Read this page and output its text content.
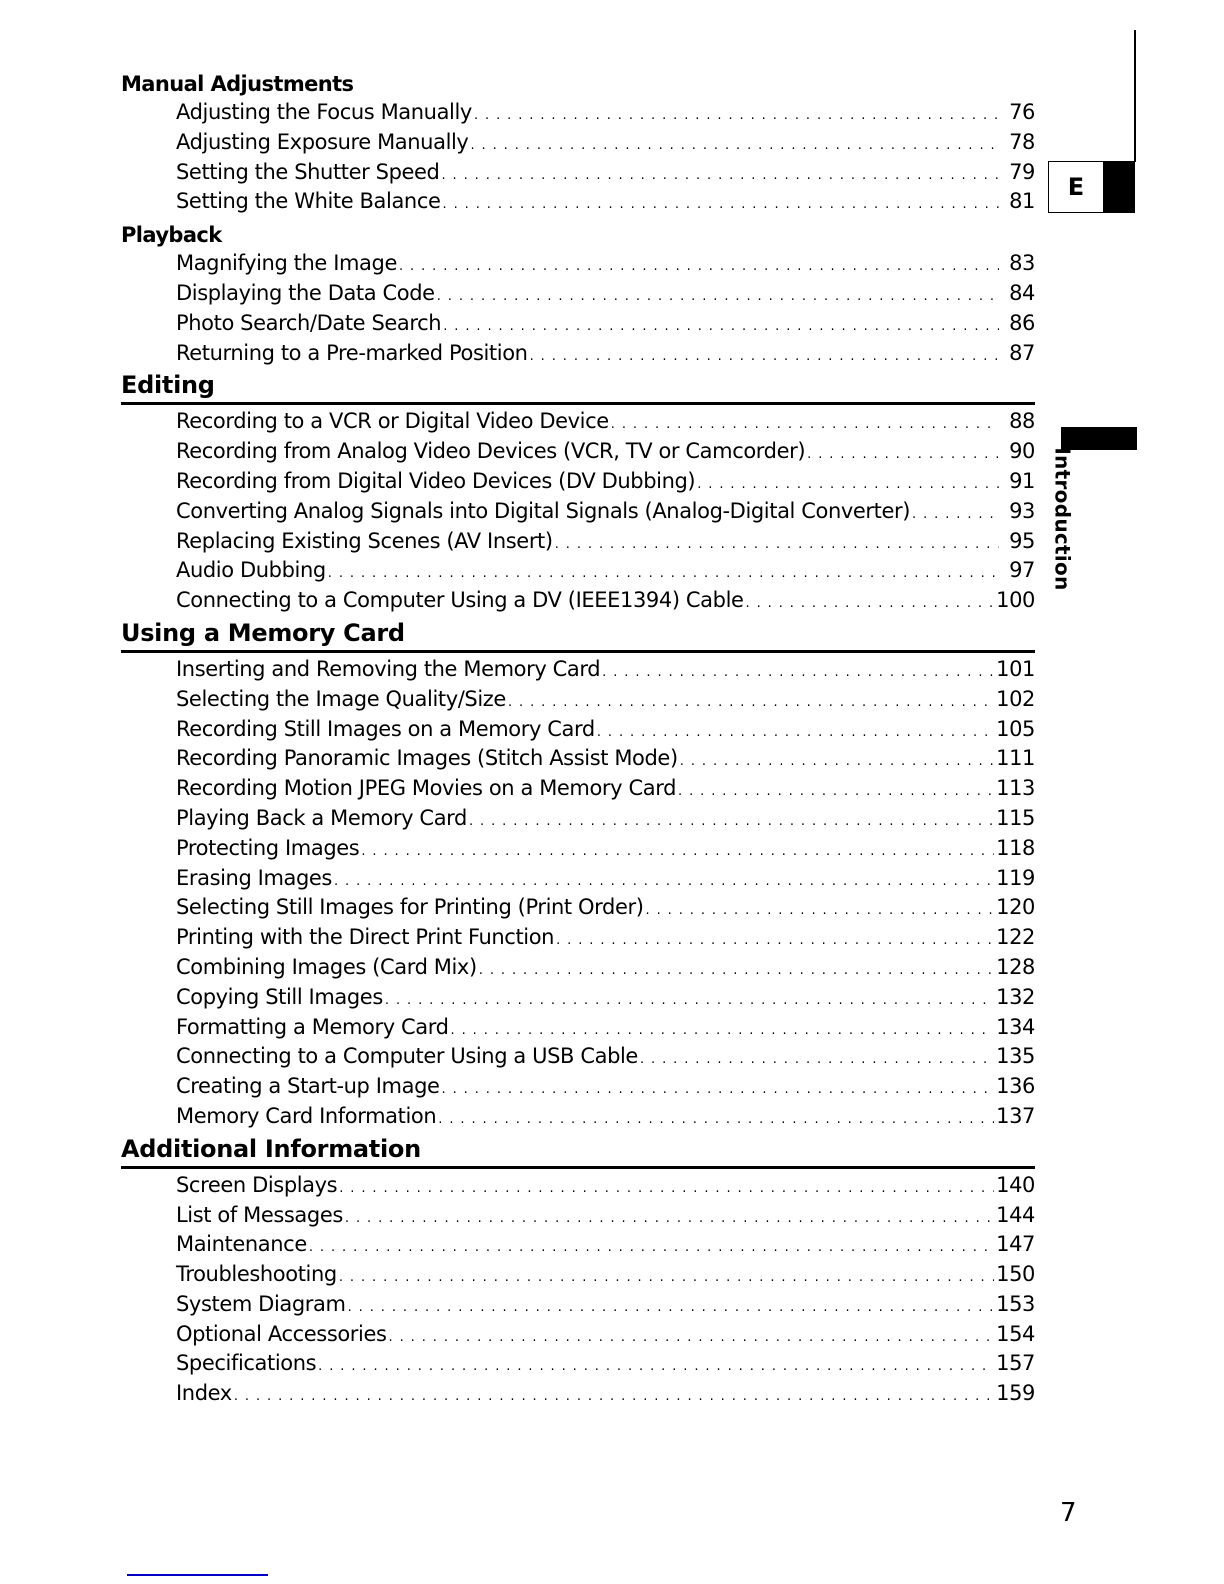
Manual Adjustments
Adjusting the Focus Manually . . .	76
Adjusting Exposure Manually . . .	78
Setting the Shutter Speed . . .	79
Setting the White Balance . . .	81
Playback
Magnifying the Image . . .	83
Displaying the Data Code . . .	84
Photo Search/Date Search . . .	86
Returning to a Pre-marked Position . . .	87
Editing
Recording to a VCR or Digital Video Device . . .	88
Recording from Analog Video Devices (VCR, TV or Camcorder) . . .	90
Recording from Digital Video Devices (DV Dubbing) . . .	91
Converting Analog Signals into Digital Signals (Analog-Digital Converter) . . .	93
Replacing Existing Scenes (AV Insert) . . .	95
Audio Dubbing . . .	97
Connecting to a Computer Using a DV (IEEE1394) Cable . . .	100
Using a Memory Card
Inserting and Removing the Memory Card . . .	101
Selecting the Image Quality/Size . . .	102
Recording Still Images on a Memory Card . . .	105
Recording Panoramic Images (Stitch Assist Mode) . . .	111
Recording Motion JPEG Movies on a Memory Card . . .	113
Playing Back a Memory Card . . .	115
Protecting Images . . .	118
Erasing Images . . .	119
Selecting Still Images for Printing (Print Order) . . .	120
Printing with the Direct Print Function . . .	122
Combining Images (Card Mix) . . .	128
Copying Still Images . . .	132
Formatting a Memory Card . . .	134
Connecting to a Computer Using a USB Cable . . .	135
Creating a Start-up Image . . .	136
Memory Card Information . . .	137
Additional Information
Screen Displays . . .	140
List of Messages . . .	144
Maintenance . . .	147
Troubleshooting . . .	150
System Diagram . . .	153
Optional Accessories . . .	154
Specifications . . .	157
Index . . .	159
E
Introduction
7
